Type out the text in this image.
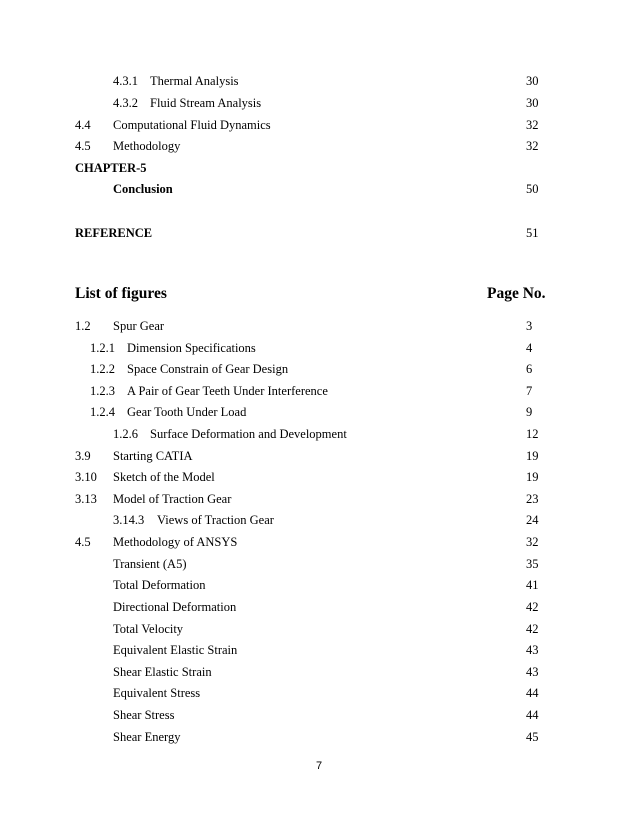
4.3.1 Thermal Analysis	30
4.3.2 Fluid Stream Analysis	30
4.4 Computational Fluid Dynamics	32
4.5 Methodology	32
CHAPTER-5
Conclusion	50
REFERENCE	51
List of figures	Page No.
1.2 Spur Gear	3
1.2.1 Dimension Specifications	4
1.2.2 Space Constrain of Gear Design	6
1.2.3 A Pair of Gear Teeth Under Interference	7
1.2.4 Gear Tooth Under Load	9
1.2.6 Surface Deformation and Development	12
3.9 Starting CATIA	19
3.10 Sketch of the Model	19
3.13 Model of Traction Gear	23
3.14.3 Views of Traction Gear	24
4.5 Methodology of ANSYS	32
Transient (A5)	35
Total Deformation	41
Directional Deformation	42
Total Velocity	42
Equivalent Elastic Strain	43
Shear Elastic Strain	43
Equivalent Stress	44
Shear Stress	44
Shear Energy	45
7
